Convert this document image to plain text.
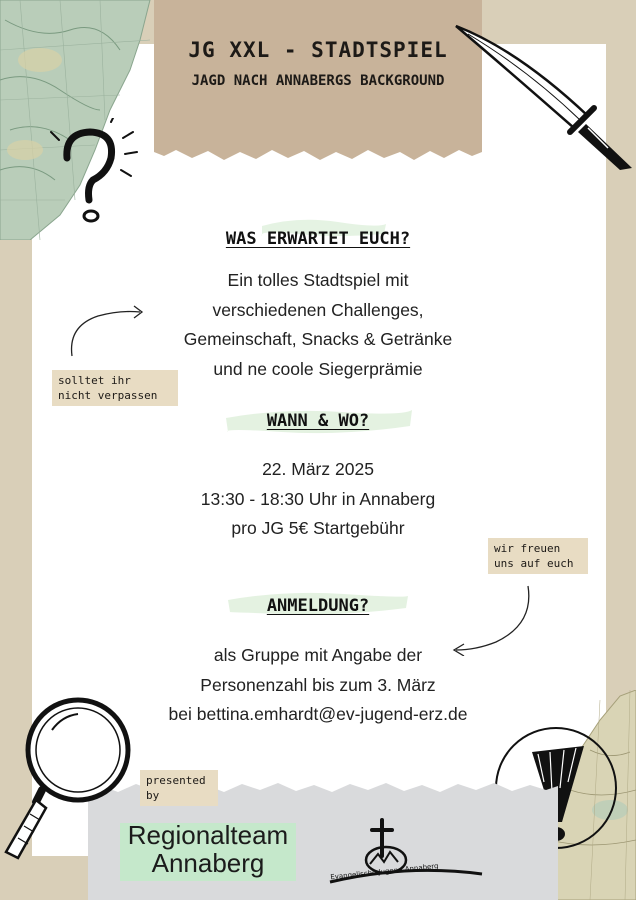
JG XXL - STADTSPIEL
JAGD NACH ANNABERGS BACKGROUND
WAS ERWARTET EUCH?
Ein tolles Stadtspiel mit
verschiedenen Challenges,
Gemeinschaft, Snacks & Getränke
und ne coole Siegerprämie
solltet ihr
nicht verpassen
WANN & WO?
22. März 2025
13:30 - 18:30 Uhr in Annaberg
pro JG 5€ Startgebühr
wir freuen
uns auf euch
ANMELDUNG?
als Gruppe mit Angabe der
Personenzahl bis zum 3. März
bei bettina.emhardt@ev-jugend-erz.de
presented
by
Regionalteam
Annaberg	Evangelische Jugend Annaberg
